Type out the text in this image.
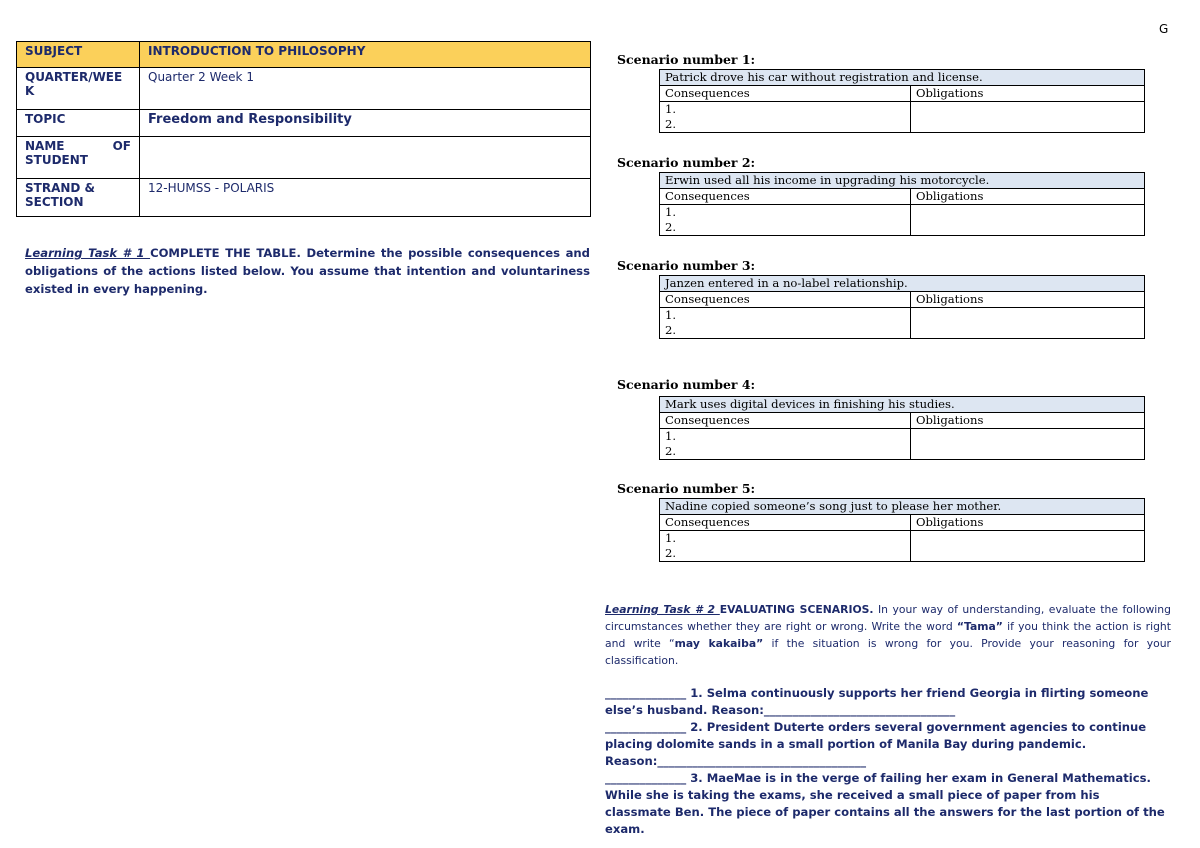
G
SUBJECT	INTRODUCTION TO PHILOSOPHY
QUARTER/WEEK	Quarter 2 Week 1
TOPIC	Freedom and Responsibility

NAME OF
STUDENT	

STRAND & SECTION	12-HUMSS - POLARIS
Learning Task # 1 COMPLETE THE TABLE. Determine the possible consequences and obligations of the actions listed below. You assume that intention and voluntariness existed in every happening.
Scenario number 1:
Patrick drove his car without registration and license.	
Consequences	Obligations

1.
2.	

Scenario number 2:
Erwin used all his income in upgrading his motorcycle.	
Consequences	Obligations

1.
2.	

Scenario number 3:
Janzen entered in a no-label relationship.	
Consequences	Obligations

1.
2.	

Scenario number 4:
Mark uses digital devices in finishing his studies.	
Consequences	Obligations

1.
2.	

Scenario number 5:
Nadine copied someone’s song just to please her mother.	
Consequences	Obligations

1.
2.	

Learning Task # 2 EVALUATING SCENARIOS. In your way of understanding, evaluate the following circumstances whether they are right or wrong. Write the word “Tama” if you think the action is right and write “may kakaiba” if the situation is wrong for you. Provide your reasoning for your classification.

______________ 1. Selma continuously supports her friend Georgia in flirting someone else’s husband. Reason:_________________________________

______________ 2. President Duterte orders several government agencies to continue placing dolomite sands in a small portion of Manila Bay during pandemic. Reason:____________________________________

______________ 3. MaeMae is in the verge of failing her exam in General Mathematics. While she is taking the exams, she received a small piece of paper from his classmate Ben. The piece of paper contains all the answers for the last portion of the exam.
